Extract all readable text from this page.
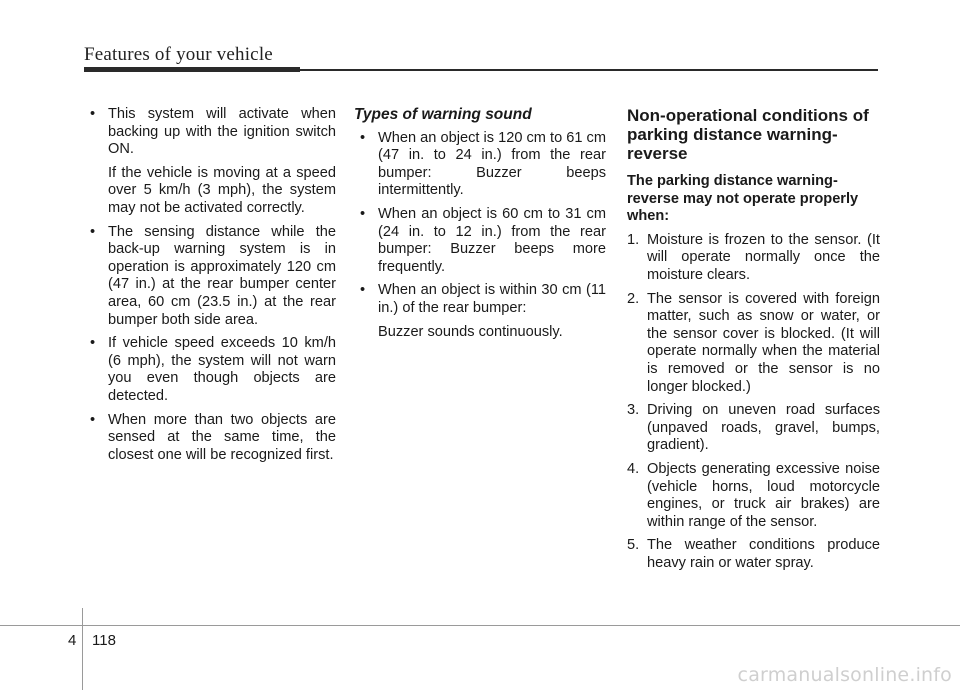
Features of your vehicle
• This system will activate when backing up with the ignition switch ON.
If the vehicle is moving at a speed over 5 km/h (3 mph), the system may not be activated correctly.
• The sensing distance while the back-up warning system is in operation is approximately 120 cm (47 in.) at the rear bumper center area, 60 cm (23.5 in.) at the rear bumper both side area.
• If vehicle speed exceeds 10 km/h (6 mph), the system will not warn you even though objects are detected.
• When more than two objects are sensed at the same time, the closest one will be recognized first.
Types of warning sound
• When an object is 120 cm to 61 cm (47 in. to 24 in.) from the rear bumper: Buzzer beeps intermittently.
• When an object is 60 cm to 31 cm (24 in. to 12 in.) from the rear bumper: Buzzer beeps more frequently.
• When an object is within 30 cm (11 in.) of the rear bumper:
Buzzer sounds continuously.
Non-operational conditions of parking distance warning-reverse
The parking distance warning-reverse may not operate properly when:
1. Moisture is frozen to the sensor. (It will operate normally once the moisture clears.
2. The sensor is covered with foreign matter, such as snow or water, or the sensor cover is blocked. (It will operate normally when the material is removed or the sensor is no longer blocked.)
3. Driving on uneven road surfaces (unpaved roads, gravel, bumps, gradient).
4. Objects generating excessive noise (vehicle horns, loud motorcycle engines, or truck air brakes) are within range of the sensor.
5. The weather conditions produce heavy rain or water spray.
4 118
carmanualsonline.info
